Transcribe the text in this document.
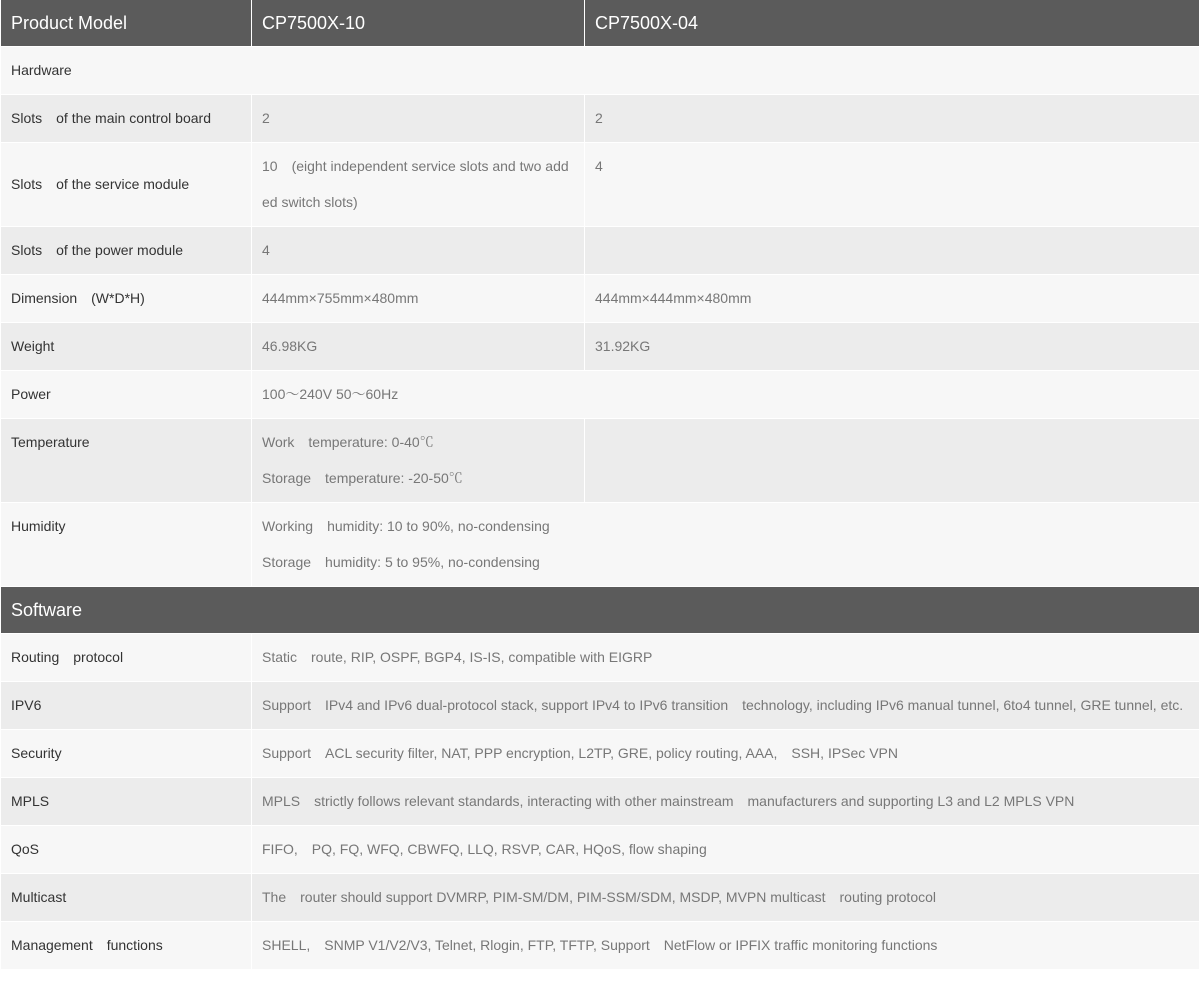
Product Model	CP7500X-10	CP7500X-04
Hardware		
Slots　of the main control board	2	2
Slots　of the service module	10　(eight independent service slots and two add ed switch slots)	4
Slots　of the power module	4	
Dimension　(W*D*H)	444mm×755mm×480mm	444mm×444mm×480mm
Weight	46.98KG	31.92KG
Power	100～240V 50～60Hz	
Temperature	Work　temperature: 0-40℃
Storage　temperature: -20-50℃	

Humidity	Working　humidity: 10 to 90%, no-condensing
Storage　humidity: 5 to 95%, no-condensing	

Software		
Routing　protocol	Static　route, RIP, OSPF, BGP4, IS-IS, compatible with EIGRP	
IPV6	Support　IPv4 and IPv6 dual-protocol stack, support IPv4 to IPv6 transition　technology, including IPv6 manual tunnel, 6to4 tunnel, GRE tunnel, etc.	
Security	Support　ACL security filter, NAT, PPP encryption, L2TP, GRE, policy routing, AAA,　SSH, IPSec VPN	
MPLS	MPLS　strictly follows relevant standards, interacting with other mainstream　manufacturers and supporting L3 and L2 MPLS VPN	
QoS	FIFO,　PQ, FQ, WFQ, CBWFQ, LLQ, RSVP, CAR, HQoS, flow shaping	
Multicast	The　router should support DVMRP, PIM-SM/DM, PIM-SSM/SDM, MSDP, MVPN multicast　routing protocol	
Management　functions	SHELL,　SNMP V1/V2/V3, Telnet, Rlogin, FTP, TFTP, Support　NetFlow or IPFIX traffic monitoring functions	
